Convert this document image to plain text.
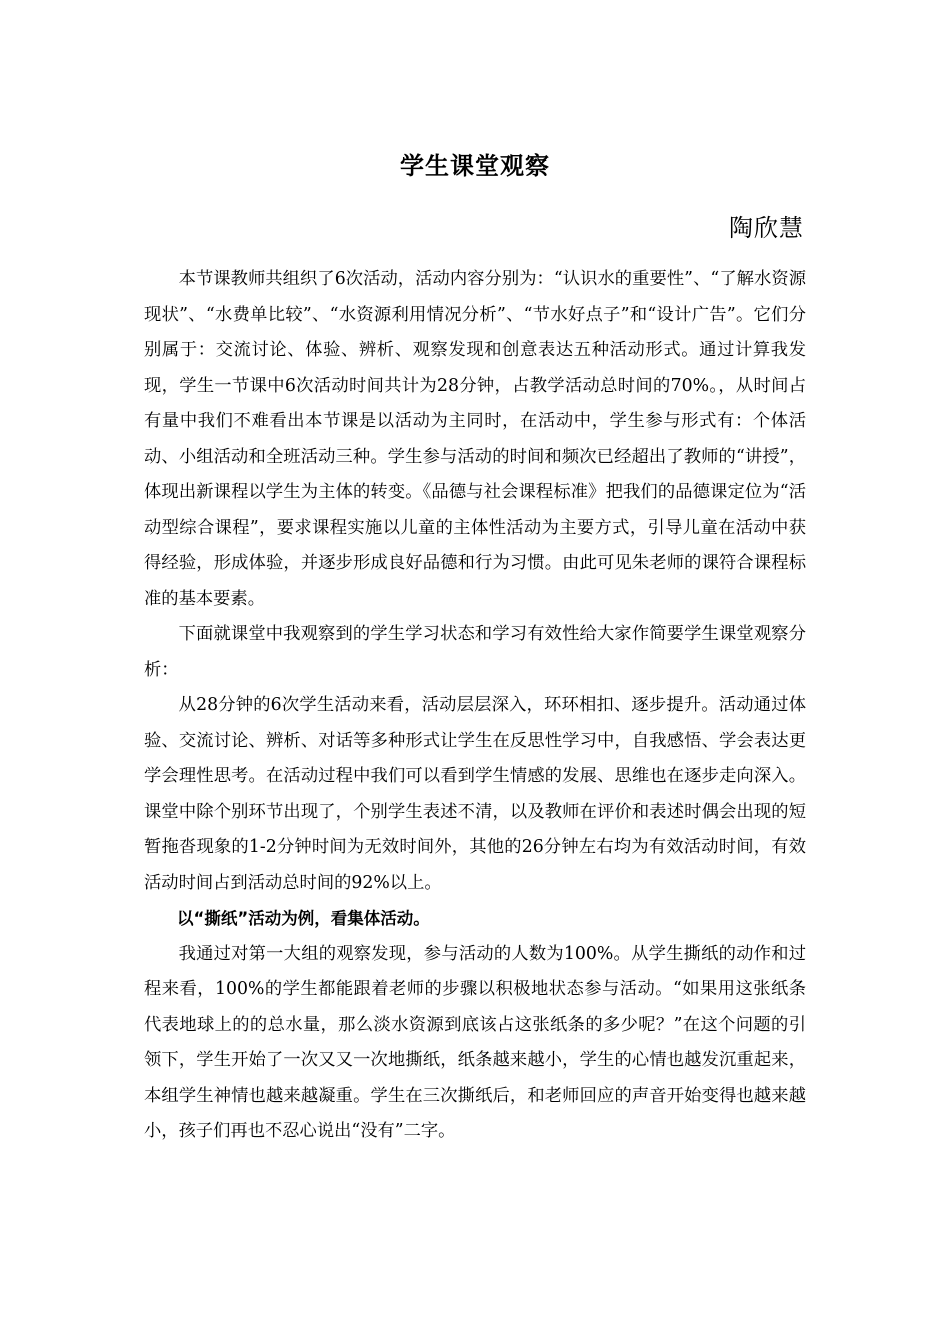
学生课堂观察
陶欣慧

本节课教师共组织了6次活动，活动内容分别为：“认识水的重要性”、“了解水资源现状”、“水费单比较”、“水资源利用情况分析”、“节水好点子”和“设计广告”。它们分别属于：交流讨论、体验、辨析、观察发现和创意表达五种活动形式。通过计算我发现，学生一节课中6次活动时间共计为28分钟，占教学活动总时间的70%。，从时间占有量中我们不难看出本节课是以活动为主同时，在活动中，学生参与形式有：个体活动、小组活动和全班活动三种。学生参与活动的时间和频次已经超出了教师的“讲授”，体现出新课程以学生为主体的转变。《品德与社会课程标准》把我们的品德课定位为“活动型综合课程”，要求课程实施以儿童的主体性活动为主要方式，引导儿童在活动中获得经验，形成体验，并逐步形成良好品德和行为习惯。由此可见朱老师的课符合课程标准的基本要素。

下面就课堂中我观察到的学生学习状态和学习有效性给大家作简要学生课堂观察分析：

从28分钟的6次学生活动来看，活动层层深入，环环相扣、逐步提升。活动通过体验、交流讨论、辨析、对话等多种形式让学生在反思性学习中，自我感悟、学会表达更学会理性思考。在活动过程中我们可以看到学生情感的发展、思维也在逐步走向深入。课堂中除个别环节出现了，个别学生表述不清，以及教师在评价和表述时偶会出现的短暂拖沓现象的1-2分钟时间为无效时间外，其他的26分钟左右均为有效活动时间，有效活动时间占到活动总时间的92%以上。

以“撕纸”活动为例，看集体活动。

我通过对第一大组的观察发现，参与活动的人数为100%。从学生撕纸的动作和过程来看，100%的学生都能跟着老师的步骤以积极地状态参与活动。“如果用这张纸条代表地球上的的总水量，那么淡水资源到底该占这张纸条的多少呢？”在这个问题的引领下，学生开始了一次又又一次地撕纸，纸条越来越小，学生的心情也越发沉重起来，本组学生神情也越来越凝重。学生在三次撕纸后，和老师回应的声音开始变得也越来越小，孩子们再也不忍心说出“没有”二字。
